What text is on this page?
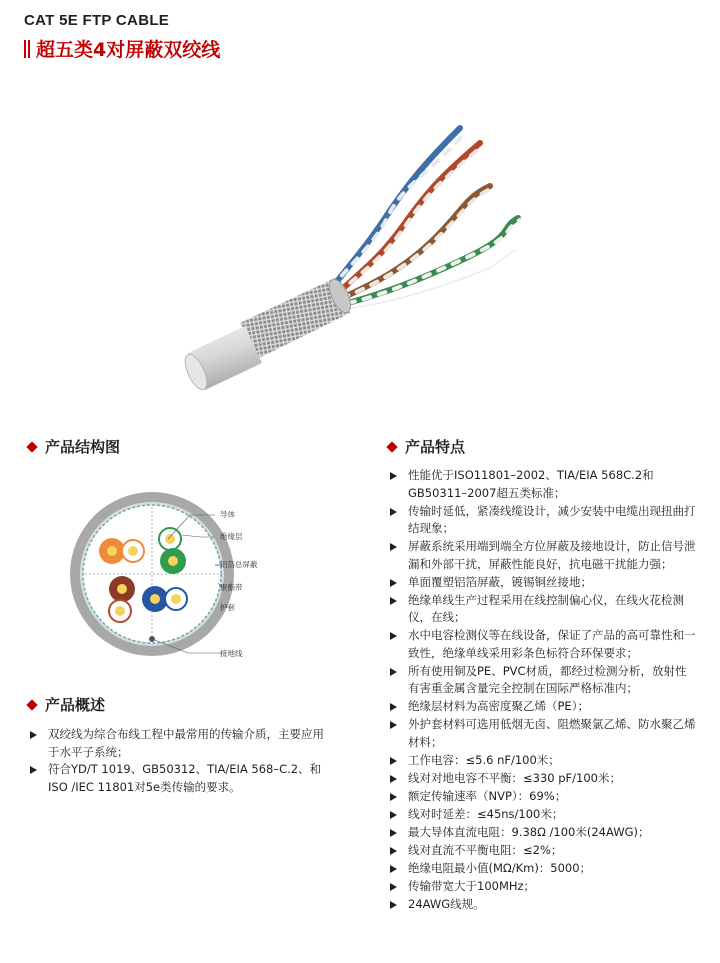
CAT 5E FTP CABLE
超五类4对屏蔽双绞线
产品结构图
导体
绝缘层
铝箔总屏蔽
聚酯带
护套
接地线
产品概述
双绞线为综合布线工程中最常用的传输介质，主要应用于水平子系统；
符合YD/T 1019、GB50312、TIA/EIA 568–C.2、和ISO /IEC 11801对5e类传输的要求。
产品特点
性能优于ISO11801–2002、TIA/EIA 568C.2和GB50311–2007超五类标准；
传输时延低，紧凑线缆设计，减少安装中电缆出现扭曲打结现象；
屏蔽系统采用端到端全方位屏蔽及接地设计，防止信号泄漏和外部干扰，屏蔽性能良好，抗电磁干扰能力强；
单面覆塑铝箔屏蔽，镀锡铜丝接地；
绝缘单线生产过程采用在线控制偏心仪，在线火花检测仪，在线；
水中电容检测仪等在线设备，保证了产品的高可靠性和一致性，绝缘单线采用彩条色标符合环保要求；
所有使用铜及PE、PVC材质，都经过检测分析，放射性有害重金属含量完全控制在国际严格标准内；
绝缘层材料为高密度聚乙烯（PE）；
外护套材料可选用低烟无卤、阻燃聚氯乙烯、防水聚乙烯材料；
工作电容：≤5.6 nF/100米；
线对对地电容不平衡：≤330 pF/100米；
额定传输速率（NVP）：69%；
线对时延差：≤45ns/100米；
最大导体直流电阻：9.38Ω /100米(24AWG)；
线对直流不平衡电阻：≤2%；
绝缘电阻最小值(MΩ/Km)：5000；
传输带宽大于100MHz；
24AWG线规。
